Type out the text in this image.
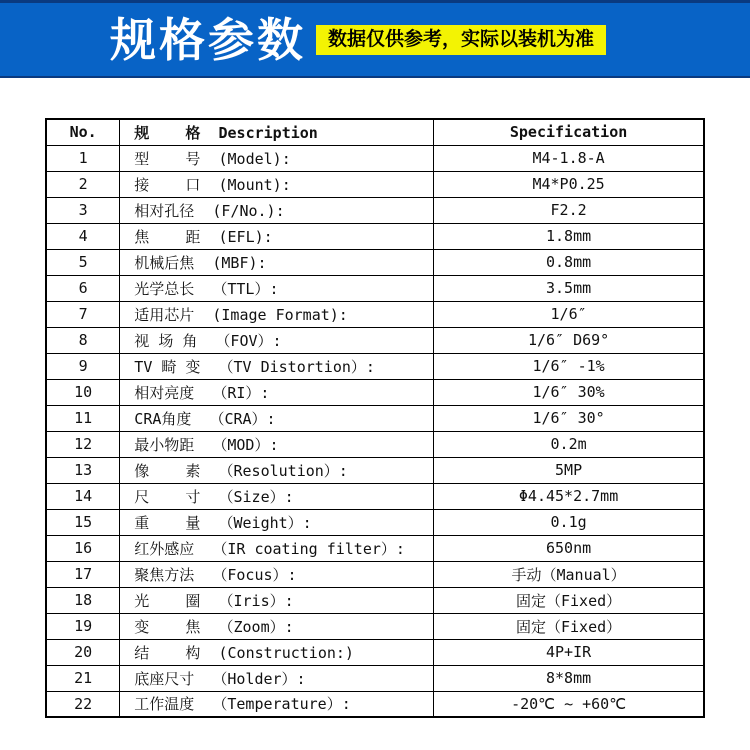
规格参数	数据仅供参考，实际以装机为准
No.	规    格  Description	Specification
1	型    号  (Model):	M4-1.8-A
2	接    口  (Mount):	M4*P0.25
3	相对孔径  (F/No.):	F2.2
4	焦    距  (EFL):	1.8mm
5	机械后焦  (MBF):	0.8mm
6	光学总长  （TTL）:	3.5mm
7	适用芯片  (Image Format):	1/6″
8	视 场 角  （FOV）:	1/6″ D69°
9	TV 畸 变  （TV Distortion）:	1/6″ -1%
10	相对亮度  （RI）:	1/6″ 30%
11	CRA角度  （CRA）:	1/6″ 30°
12	最小物距  （MOD）:	0.2m
13	像    素  （Resolution）:	5MP
14	尺    寸  （Size）:	Φ4.45*2.7mm
15	重    量  （Weight）:	0.1g
16	红外感应  （IR coating filter）:	650nm
17	聚焦方法  （Focus）:	手动（Manual）
18	光    圈  （Iris）:	固定（Fixed）
19	变    焦  （Zoom）:	固定（Fixed）
20	结    构  (Construction:)	4P+IR
21	底座尺寸  （Holder）:	8*8mm
22	工作温度  （Temperature）:	-20℃ ~ +60℃
